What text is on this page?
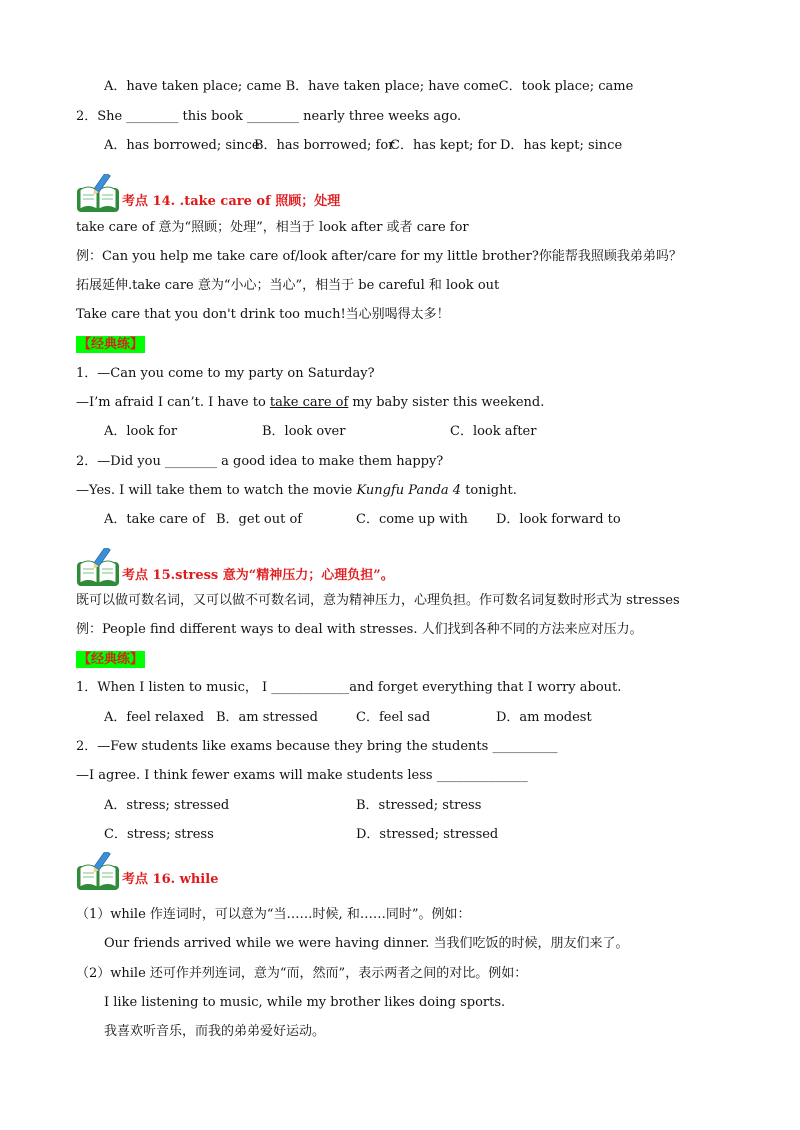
A．have taken place; came B．have taken place; have comeC．took place; came
2．She ________ this book ________ nearly three weeks ago.
A．has borrowed; since
B．has borrowed; for
C．has kept; for D．has kept; since
考点 14. .take care of 照顾；处理
take care of 意为“照顾；处理”，相当于 look after 或者 care for
例：Can you help me take care of/look after/care for my little brother?你能帮我照顾我弟弟吗？
拓展延伸.take care 意为“小心；当心”，相当于 be careful 和 look out
Take care that you don't drink too much!当心别喝得太多！
【经典练】
1．—Can you come to my party on Saturday?
—I’m afraid I can’t. I have to take care of my baby sister this weekend.
A．look for	B．look over	C．look after
2．—Did you ________ a good idea to make them happy?
—Yes. I will take them to watch the movie Kungfu Panda 4 tonight.
A．take care of B．get out of	C．come up with D．look forward to
考点 15.stress 意为“精神压力；心理负担”。
既可以做可数名词，又可以做不可数名词，意为精神压力，心理负担。作可数名词复数时形式为 stresses
例：People find different ways to deal with stresses. 人们找到各种不同的方法来应对压力。
【经典练】
1．When I listen to music， I ____________and forget everything that I worry about.
A．feel relaxed B．am stressed	C．feel sad	D．am modest
2．—Few students like exams because they bring the students __________
—I agree. I think fewer exams will make students less ______________
A．stress; stressed	B．stressed; stress
C．stress; stress	D．stressed; stressed
考点 16. while
（1）while 作连词时，可以意为“当……时候, 和……同时”。例如：
Our friends arrived while we were having dinner. 当我们吃饭的时候，朋友们来了。
（2）while 还可作并列连词，意为“而，然而”，表示两者之间的对比。例如：
I like listening to music, while my brother likes doing sports.
我喜欢听音乐，而我的弟弟爱好运动。
